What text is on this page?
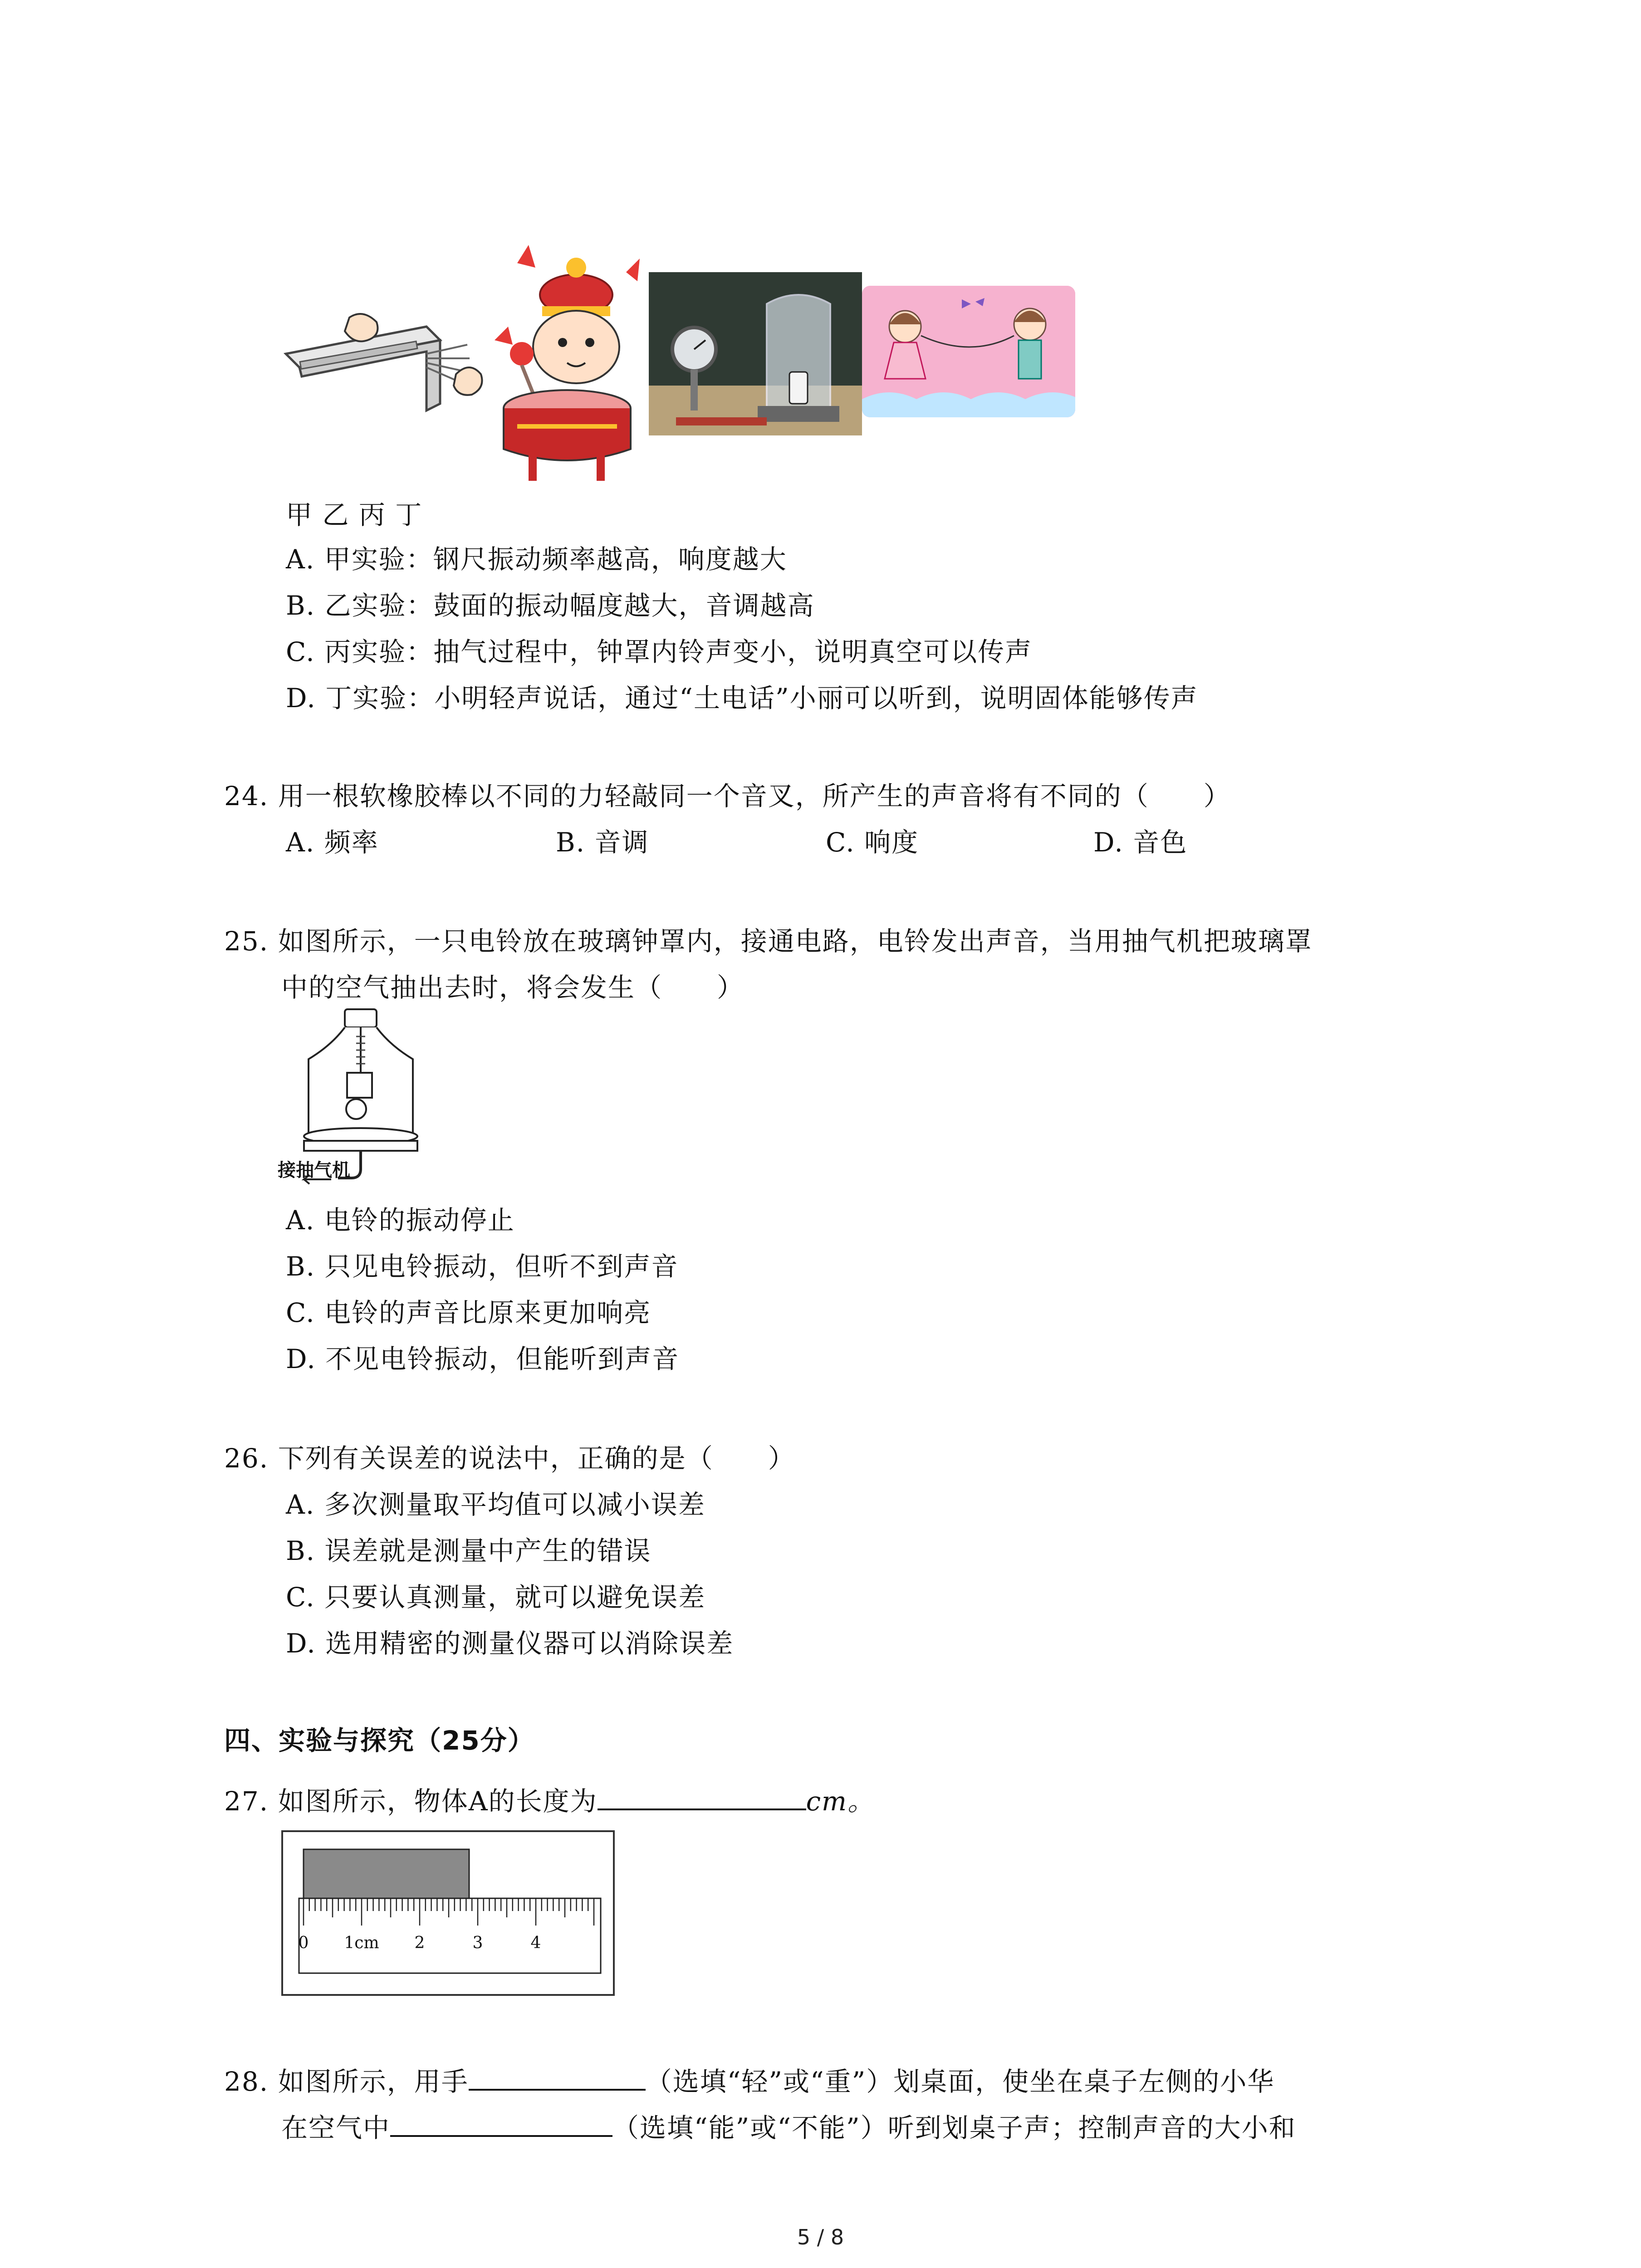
甲 乙 丙 丁
A. 甲实验：钢尺振动频率越高，响度越大
B. 乙实验：鼓面的振动幅度越大，音调越高
C. 丙实验：抽气过程中，钟罩内铃声变小，说明真空可以传声
D. 丁实验：小明轻声说话，通过“土电话”小丽可以听到，说明固体能够传声
24. 用一根软橡胶棒以不同的力轻敲同一个音叉，所产生的声音将有不同的（ ）
A. 频率	B. 音调	C. 响度	D. 音色
25. 如图所示，一只电铃放在玻璃钟罩内，接通电路，电铃发出声音，当用抽气机把玻璃罩
中的空气抽出去时，将会发生（ ）
接抽气机
A. 电铃的振动停止
B. 只见电铃振动，但听不到声音
C. 电铃的声音比原来更加响亮
D. 不见电铃振动，但能听到声音
26. 下列有关误差的说法中，正确的是（ ）
A. 多次测量取平均值可以减小误差
B. 误差就是测量中产生的错误
C. 只要认真测量，就可以避免误差
D. 选用精密的测量仪器可以消除误差
四、实验与探究（25分）
27. 如图所示，物体A的长度为	cm。
0 1cm 2	3	4
28. 如图所示，用手	（选填“轻”或“重”）划桌面，使坐在桌子左侧的小华
在空气中	（选填“能”或“不能”）听到划桌子声；控制声音的大小和
5 / 8
